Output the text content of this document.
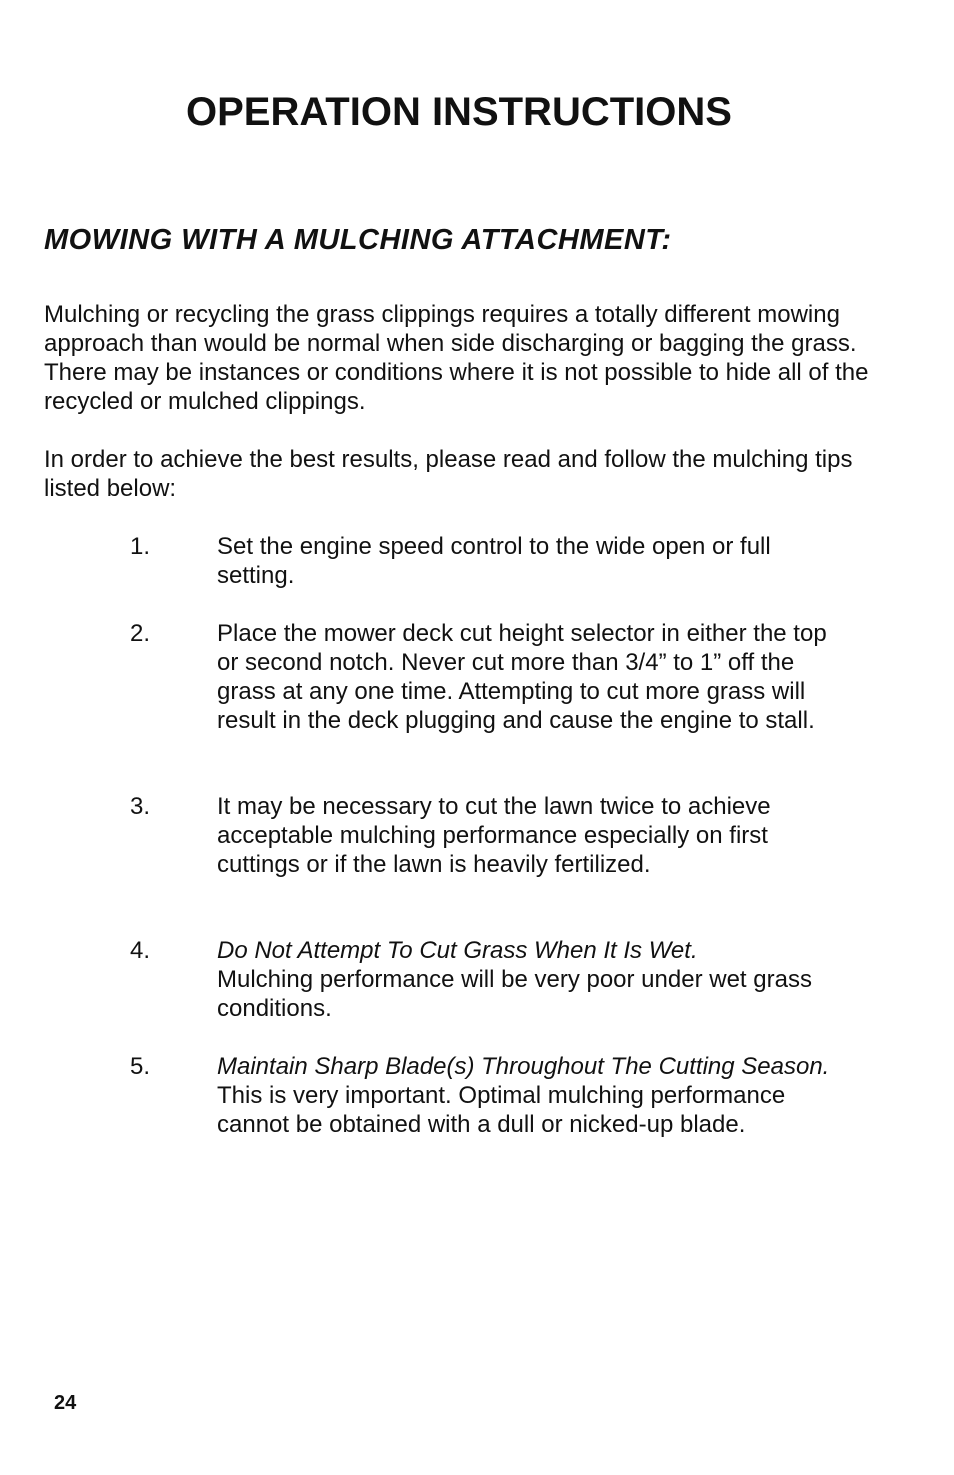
OPERATION INSTRUCTIONS
MOWING WITH A MULCHING ATTACHMENT:

Mulching or recycling the grass clippings requires a totally different mowing approach than would be normal when side discharging or bagging the grass. There may be instances or conditions where it is not possible to hide all of the recycled or mulched clippings.

In order to achieve the best results, please read and follow the mulching tips listed below:

1.	Set the engine speed control to the wide open or full setting.
2.	Place the mower deck cut height selector in either the top or second notch. Never cut more than 3/4” to 1” off the grass at any one time. Attempting to cut more grass will result in the deck plugging and cause the engine to stall.
3.	It may be necessary to cut the lawn twice to achieve acceptable mulching performance especially on first cuttings or if the lawn is heavily fertilized.
4.	Do Not Attempt To Cut Grass When It Is Wet.
Mulching performance will be very poor under wet grass conditions.
5.	Maintain Sharp Blade(s) Throughout The Cutting Season. This is very important. Optimal mulching performance cannot be obtained with a dull or nicked-up blade.
24
